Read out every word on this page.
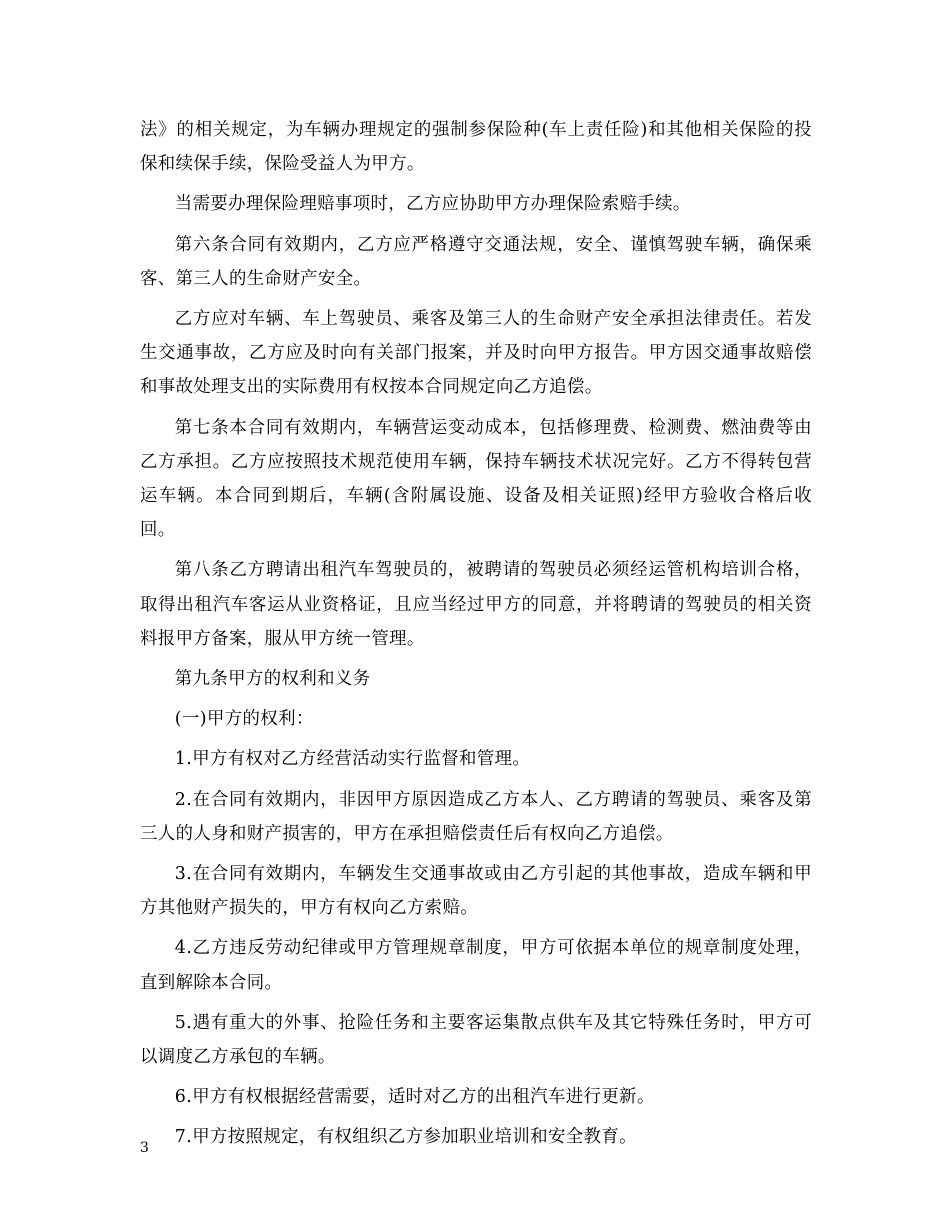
法》的相关规定，为车辆办理规定的强制参保险种(车上责任险)和其他相关保险的投保和续保手续，保险受益人为甲方。

当需要办理保险理赔事项时，乙方应协助甲方办理保险索赔手续。

第六条合同有效期内，乙方应严格遵守交通法规，安全、谨慎驾驶车辆，确保乘客、第三人的生命财产安全。

乙方应对车辆、车上驾驶员、乘客及第三人的生命财产安全承担法律责任。若发生交通事故，乙方应及时向有关部门报案，并及时向甲方报告。甲方因交通事故赔偿和事故处理支出的实际费用有权按本合同规定向乙方追偿。

第七条本合同有效期内，车辆营运变动成本，包括修理费、检测费、燃油费等由乙方承担。乙方应按照技术规范使用车辆，保持车辆技术状况完好。乙方不得转包营运车辆。本合同到期后，车辆(含附属设施、设备及相关证照)经甲方验收合格后收回。

第八条乙方聘请出租汽车驾驶员的，被聘请的驾驶员必须经运管机构培训合格，取得出租汽车客运从业资格证，且应当经过甲方的同意，并将聘请的驾驶员的相关资料报甲方备案，服从甲方统一管理。

第九条甲方的权利和义务

(一)甲方的权利：

1.甲方有权对乙方经营活动实行监督和管理。

2.在合同有效期内，非因甲方原因造成乙方本人、乙方聘请的驾驶员、乘客及第三人的人身和财产损害的，甲方在承担赔偿责任后有权向乙方追偿。

3.在合同有效期内，车辆发生交通事故或由乙方引起的其他事故，造成车辆和甲方其他财产损失的，甲方有权向乙方索赔。

4.乙方违反劳动纪律或甲方管理规章制度，甲方可依据本单位的规章制度处理，直到解除本合同。

5.遇有重大的外事、抢险任务和主要客运集散点供车及其它特殊任务时，甲方可以调度乙方承包的车辆。

6.甲方有权根据经营需要，适时对乙方的出租汽车进行更新。

7.甲方按照规定，有权组织乙方参加职业培训和安全教育。

3
